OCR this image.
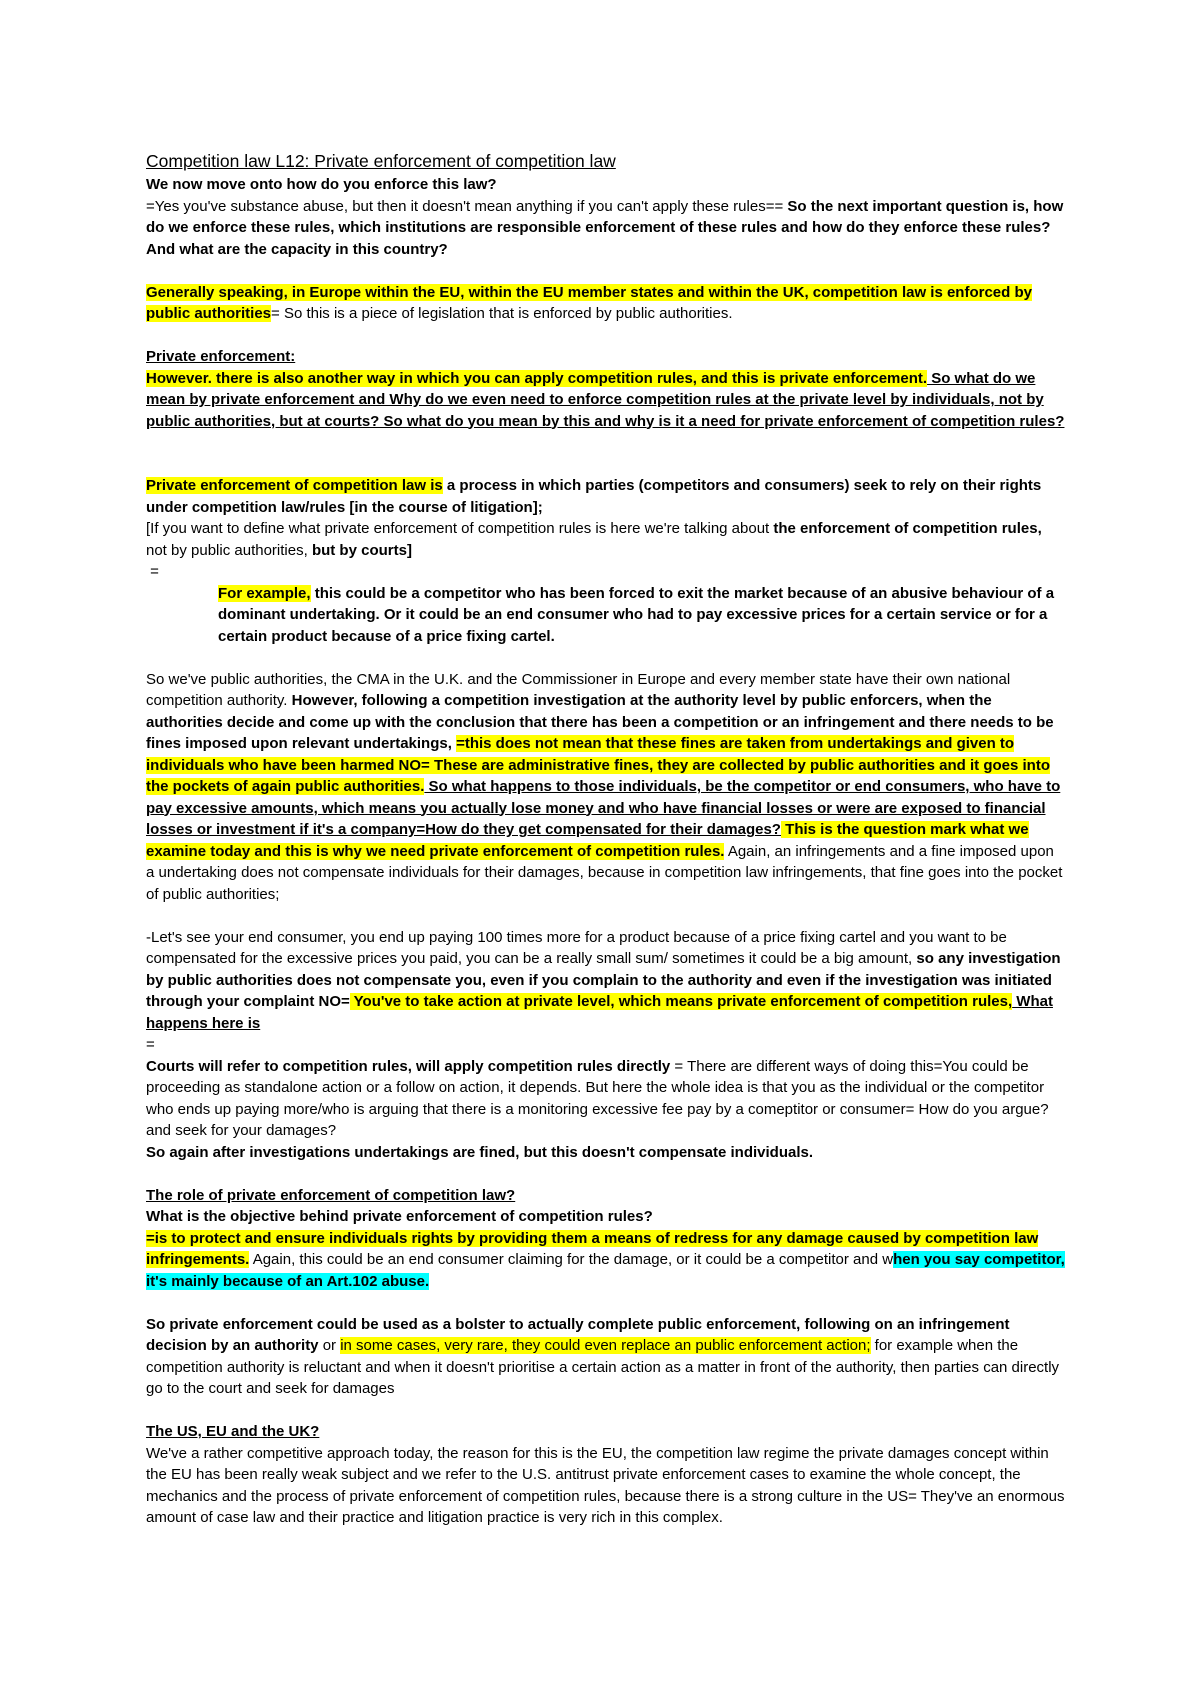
Competition law L12: Private enforcement of competition law

We now move onto how do you enforce this law?

=Yes you've substance abuse, but then it doesn't mean anything if you can't apply these rules== So the next important question is, how do we enforce these rules, which institutions are responsible enforcement of these rules and how do they enforce these rules? And what are the capacity in this country?

Generally speaking, in Europe within the EU, within the EU member states and within the UK, competition law is enforced by public authorities= So this is a piece of legislation that is enforced by public authorities.

Private enforcement:

However. there is also another way in which you can apply competition rules, and this is private enforcement. So what do we mean by private enforcement and Why do we even need to enforce competition rules at the private level by individuals, not by public authorities, but at courts? So what do you mean by this and why is it a need for private enforcement of competition rules?

Private enforcement of competition law is a process in which parties (competitors and consumers) seek to rely on their rights under competition law/rules [in the course of litigation];

[If you want to define what private enforcement of competition rules is here we're talking about the enforcement of competition rules, not by public authorities, but by courts]

=

For example, this could be a competitor who has been forced to exit the market because of an abusive behaviour of a dominant undertaking. Or it could be an end consumer who had to pay excessive prices for a certain service or for a certain product because of a price fixing cartel.

So we've public authorities, the CMA in the U.K. and the Commissioner in Europe and every member state have their own national competition authority. However, following a competition investigation at the authority level by public enforcers, when the authorities decide and come up with the conclusion that there has been a competition or an infringement and there needs to be fines imposed upon relevant undertakings, =this does not mean that these fines are taken from undertakings and given to individuals who have been harmed NO= These are administrative fines, they are collected by public authorities and it goes into the pockets of again public authorities. So what happens to those individuals, be the competitor or end consumers, who have to pay excessive amounts, which means you actually lose money and who have financial losses or were are exposed to financial losses or investment if it's a company=How do they get compensated for their damages? This is the question mark what we examine today and this is why we need private enforcement of competition rules. Again, an infringements and a fine imposed upon a undertaking does not compensate individuals for their damages, because in competition law infringements, that fine goes into the pocket of public authorities;

-Let's see your end consumer, you end up paying 100 times more for a product because of a price fixing cartel and you want to be compensated for the excessive prices you paid, you can be a really small sum/ sometimes it could be a big amount, so any investigation by public authorities does not compensate you, even if you complain to the authority and even if the investigation was initiated through your complaint NO= You've to take action at private level, which means private enforcement of competition rules, What happens here is

=

Courts will refer to competition rules, will apply competition rules directly = There are different ways of doing this=You could be proceeding as standalone action or a follow on action, it depends. But here the whole idea is that you as the individual or the competitor who ends up paying more/who is arguing that there is a monitoring excessive fee pay by a comeptitor or consumer= How do you argue? and seek for your damages?

So again after investigations undertakings are fined, but this doesn't compensate individuals.

The role of private enforcement of competition law?

What is the objective behind private enforcement of competition rules?

=is to protect and ensure individuals rights by providing them a means of redress for any damage caused by competition law infringements. Again, this could be an end consumer claiming for the damage, or it could be a competitor and when you say competitor, it's mainly because of an Art.102 abuse.

So private enforcement could be used as a bolster to actually complete public enforcement, following on an infringement decision by an authority or in some cases, very rare, they could even replace an public enforcement action; for example when the competition authority is reluctant and when it doesn't prioritise a certain action as a matter in front of the authority, then parties can directly go to the court and seek for damages

The US, EU and the UK?

We've a rather competitive approach today, the reason for this is the EU, the competition law regime the private damages concept within the EU has been really weak subject and we refer to the U.S. antitrust private enforcement cases to examine the whole concept, the mechanics and the process of private enforcement of competition rules, because there is a strong culture in the US= They've an enormous amount of case law and their practice and litigation practice is very rich in this complex.
